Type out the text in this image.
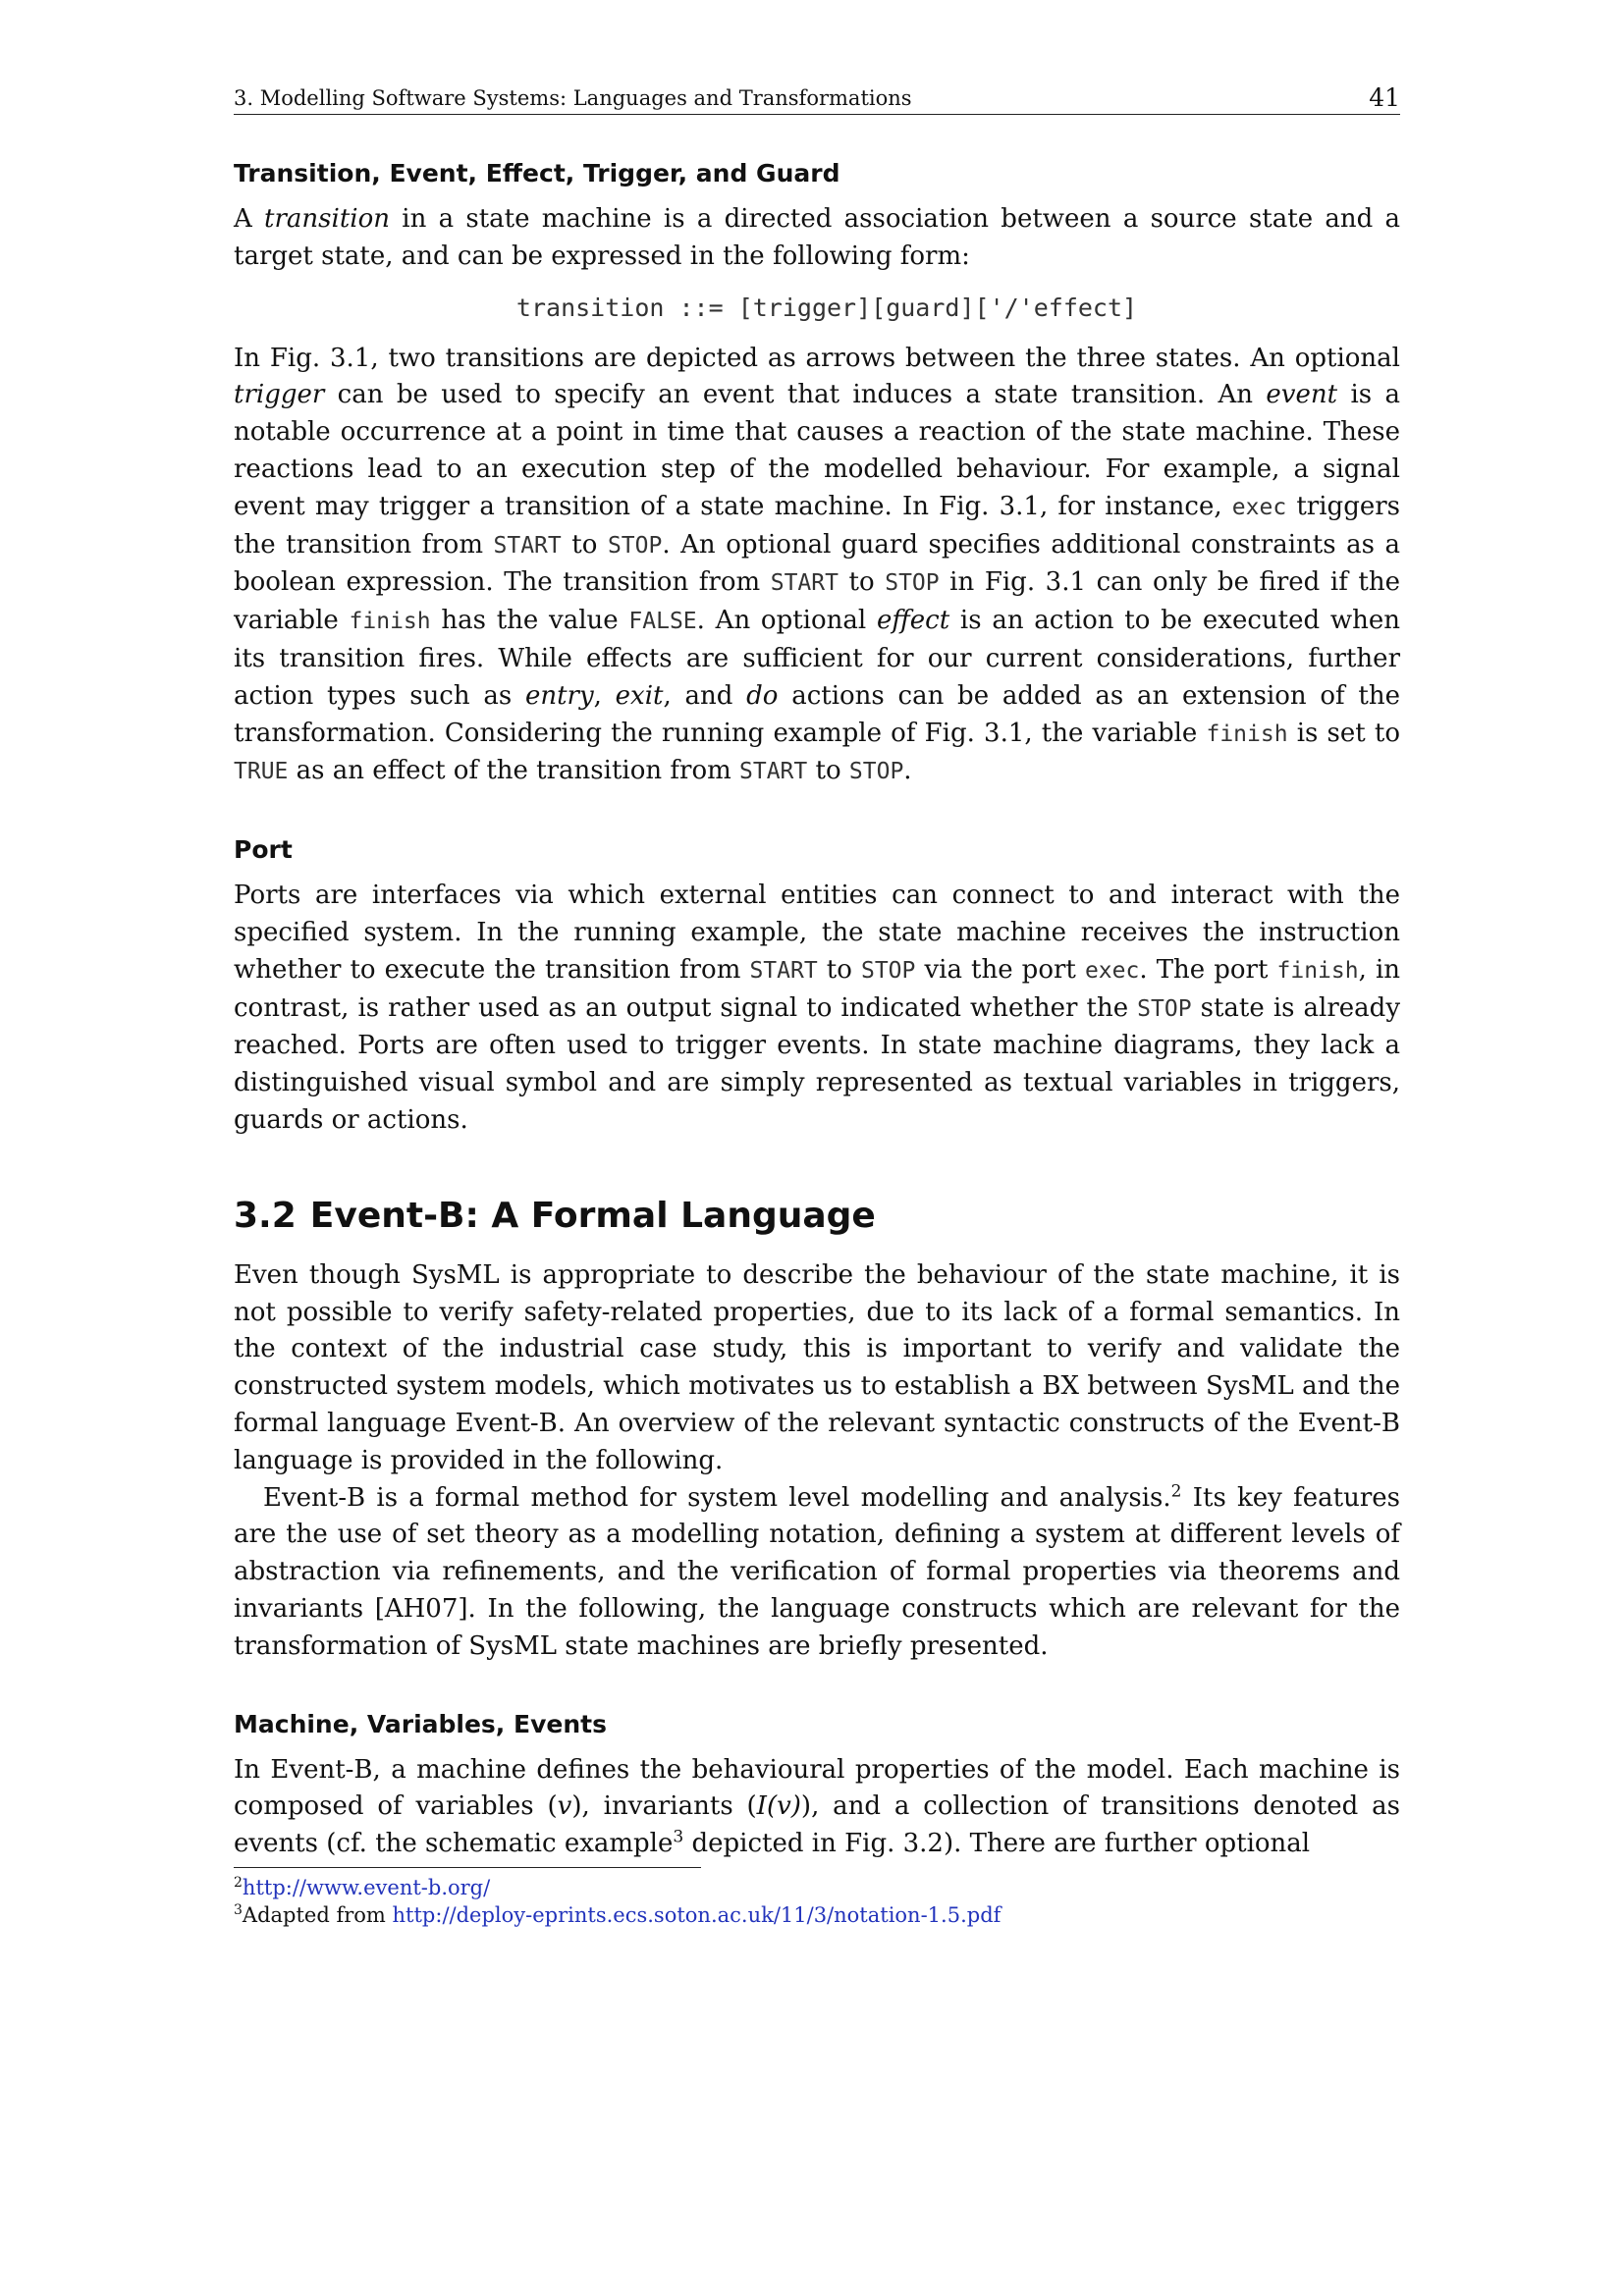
3. Modelling Software Systems: Languages and Transformations	41
Transition, Event, Effect, Trigger, and Guard

A transition in a state machine is a directed association between a source state and a target state, and can be expressed in the following form:

transition ::= [trigger][guard]['/'effect]

In Fig. 3.1, two transitions are depicted as arrows between the three states. An optional trigger can be used to specify an event that induces a state transition. An event is a notable occurrence at a point in time that causes a reaction of the state machine. These reactions lead to an execution step of the modelled behaviour. For example, a signal event may trigger a transition of a state machine. In Fig. 3.1, for instance, exec triggers the transition from START to STOP. An optional guard specifies additional constraints as a boolean expression. The transition from START to STOP in Fig. 3.1 can only be fired if the variable finish has the value FALSE. An optional effect is an action to be executed when its transition fires. While effects are sufficient for our current considerations, further action types such as entry, exit, and do actions can be added as an extension of the transformation. Considering the running example of Fig. 3.1, the variable finish is set to TRUE as an effect of the transition from START to STOP.

Port

Ports are interfaces via which external entities can connect to and interact with the specified system. In the running example, the state machine receives the instruction whether to execute the transition from START to STOP via the port exec. The port finish, in contrast, is rather used as an output signal to indicated whether the STOP state is already reached. Ports are often used to trigger events. In state machine diagrams, they lack a distinguished visual symbol and are simply represented as textual variables in triggers, guards or actions.

3.2 Event-B: A Formal Language

Even though SysML is appropriate to describe the behaviour of the state machine, it is not possible to verify safety-related properties, due to its lack of a formal semantics. In the context of the industrial case study, this is important to verify and validate the constructed system models, which motivates us to establish a BX between SysML and the formal language Event-B. An overview of the relevant syntactic constructs of the Event-B language is provided in the following.

Event-B is a formal method for system level modelling and analysis.$^2$ Its key features are the use of set theory as a modelling notation, defining a system at different levels of abstraction via refinements, and the verification of formal properties via theorems and invariants [AH07]. In the following, the language constructs which are relevant for the transformation of SysML state machines are briefly presented.

Machine, Variables, Events

In Event-B, a machine defines the behavioural properties of the model. Each machine is composed of variables (v), invariants (I(v)), and a collection of transitions denoted as events (cf. the schematic example$^3$ depicted in Fig. 3.2). There are further optional

$^2$http://www.event-b.org/
$^3$Adapted from http://deploy-eprints.ecs.soton.ac.uk/11/3/notation-1.5.pdf
